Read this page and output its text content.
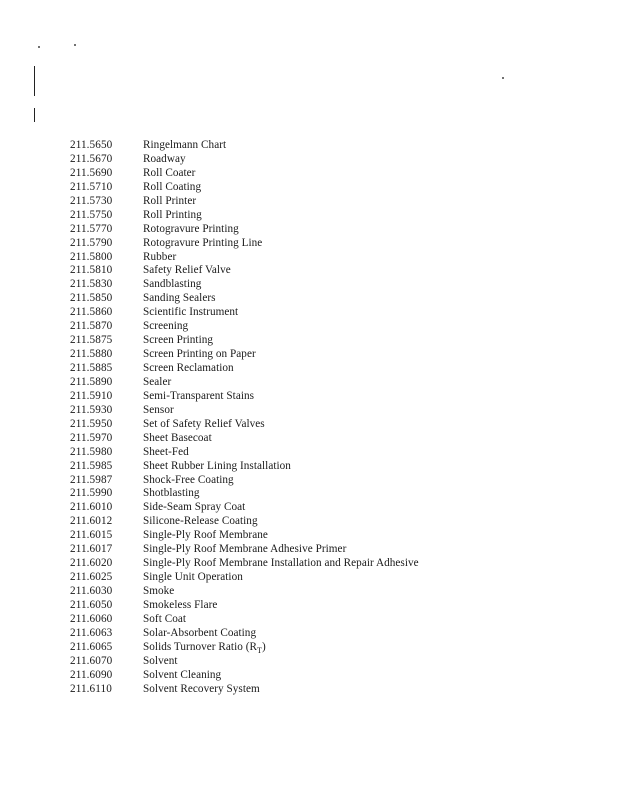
211.5650	Ringelmann Chart
211.5670	Roadway
211.5690	Roll Coater
211.5710	Roll Coating
211.5730	Roll Printer
211.5750	Roll Printing
211.5770	Rotogravure Printing
211.5790	Rotogravure Printing Line
211.5800	Rubber
211.5810	Safety Relief Valve
211.5830	Sandblasting
211.5850	Sanding Sealers
211.5860	Scientific Instrument
211.5870	Screening
211.5875	Screen Printing
211.5880	Screen Printing on Paper
211.5885	Screen Reclamation
211.5890	Sealer
211.5910	Semi-Transparent Stains
211.5930	Sensor
211.5950	Set of Safety Relief Valves
211.5970	Sheet Basecoat
211.5980	Sheet-Fed
211.5985	Sheet Rubber Lining Installation
211.5987	Shock-Free Coating
211.5990	Shotblasting
211.6010	Side-Seam Spray Coat
211.6012	Silicone-Release Coating
211.6015	Single-Ply Roof Membrane
211.6017	Single-Ply Roof Membrane Adhesive Primer
211.6020	Single-Ply Roof Membrane Installation and Repair Adhesive
211.6025	Single Unit Operation
211.6030	Smoke
211.6050	Smokeless Flare
211.6060	Soft Coat
211.6063	Solar-Absorbent Coating
211.6065	Solids Turnover Ratio $(R_T)$
211.6070	Solvent
211.6090	Solvent Cleaning
211.6110	Solvent Recovery System
